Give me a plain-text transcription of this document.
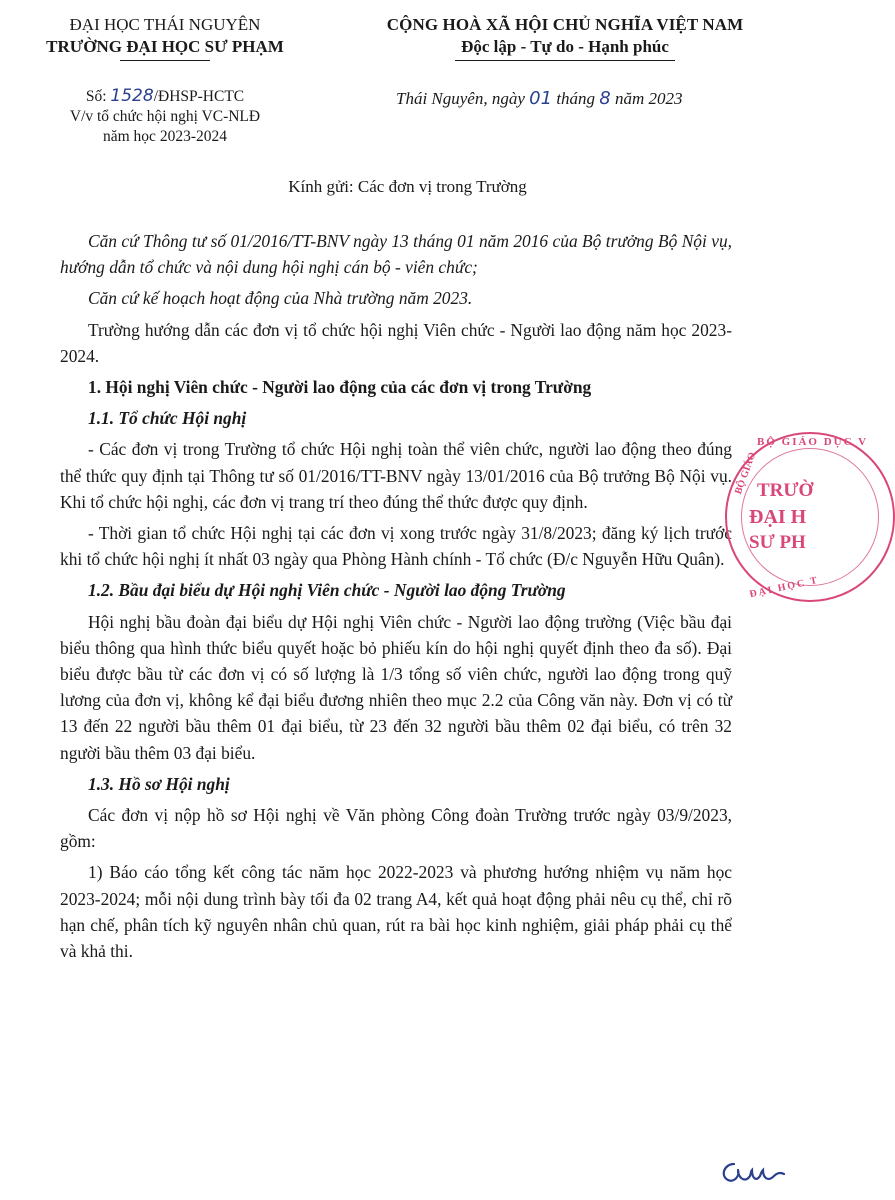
ĐẠI HỌC THÁI NGUYÊN
TRƯỜNG ĐẠI HỌC SƯ PHẠM
CỘNG HOÀ XÃ HỘI CHỦ NGHĨA VIỆT NAM
Độc lập - Tự do - Hạnh phúc
Số: 1528/ĐHSP-HCTC
V/v tổ chức hội nghị VC-NLĐ
năm học 2023-2024
Thái Nguyên, ngày 01 tháng 8 năm 2023
Kính gửi: Các đơn vị trong Trường

Căn cứ Thông tư số 01/2016/TT-BNV ngày 13 tháng 01 năm 2016 của Bộ trưởng Bộ Nội vụ, hướng dẫn tổ chức và nội dung hội nghị cán bộ - viên chức;

Căn cứ kế hoạch hoạt động của Nhà trường năm 2023.

Trường hướng dẫn các đơn vị tổ chức hội nghị Viên chức - Người lao động năm học 2023-2024.

1. Hội nghị Viên chức - Người lao động của các đơn vị trong Trường

1.1. Tổ chức Hội nghị

- Các đơn vị trong Trường tổ chức Hội nghị toàn thể viên chức, người lao động theo đúng thể thức quy định tại Thông tư số 01/2016/TT-BNV ngày 13/01/2016 của Bộ trưởng Bộ Nội vụ. Khi tổ chức hội nghị, các đơn vị trang trí theo đúng thể thức được quy định.

- Thời gian tổ chức Hội nghị tại các đơn vị xong trước ngày 31/8/2023; đăng ký lịch trước khi tổ chức hội nghị ít nhất 03 ngày qua Phòng Hành chính - Tổ chức (Đ/c Nguyễn Hữu Quân).

1.2. Bầu đại biểu dự Hội nghị Viên chức - Người lao động Trường

Hội nghị bầu đoàn đại biểu dự Hội nghị Viên chức - Người lao động trường (Việc bầu đại biểu thông qua hình thức biểu quyết hoặc bỏ phiếu kín do hội nghị quyết định theo đa số). Đại biểu được bầu từ các đơn vị có số lượng là 1/3 tổng số viên chức, người lao động trong quỹ lương của đơn vị, không kể đại biểu đương nhiên theo mục 2.2 của Công văn này. Đơn vị có từ 13 đến 22 người bầu thêm 01 đại biểu, từ 23 đến 32 người bầu thêm 02 đại biểu, có trên 32 người bầu thêm 03 đại biểu.

1.3. Hồ sơ Hội nghị

Các đơn vị nộp hồ sơ Hội nghị về Văn phòng Công đoàn Trường trước ngày 03/9/2023, gồm:

1) Báo cáo tổng kết công tác năm học 2022-2023 và phương hướng nhiệm vụ năm học 2023-2024; mỗi nội dung trình bày tối đa 02 trang A4, kết quả hoạt động phải nêu cụ thể, chỉ rõ hạn chế, phân tích kỹ nguyên nhân chủ quan, rút ra bài học kinh nghiệm, giải pháp phải cụ thể và khả thi.

BỘ GIÁO DỤC V
BỘ GIÁO
TRƯỜ
ĐẠI H
SƯ PH
ĐẠI HỌC T
